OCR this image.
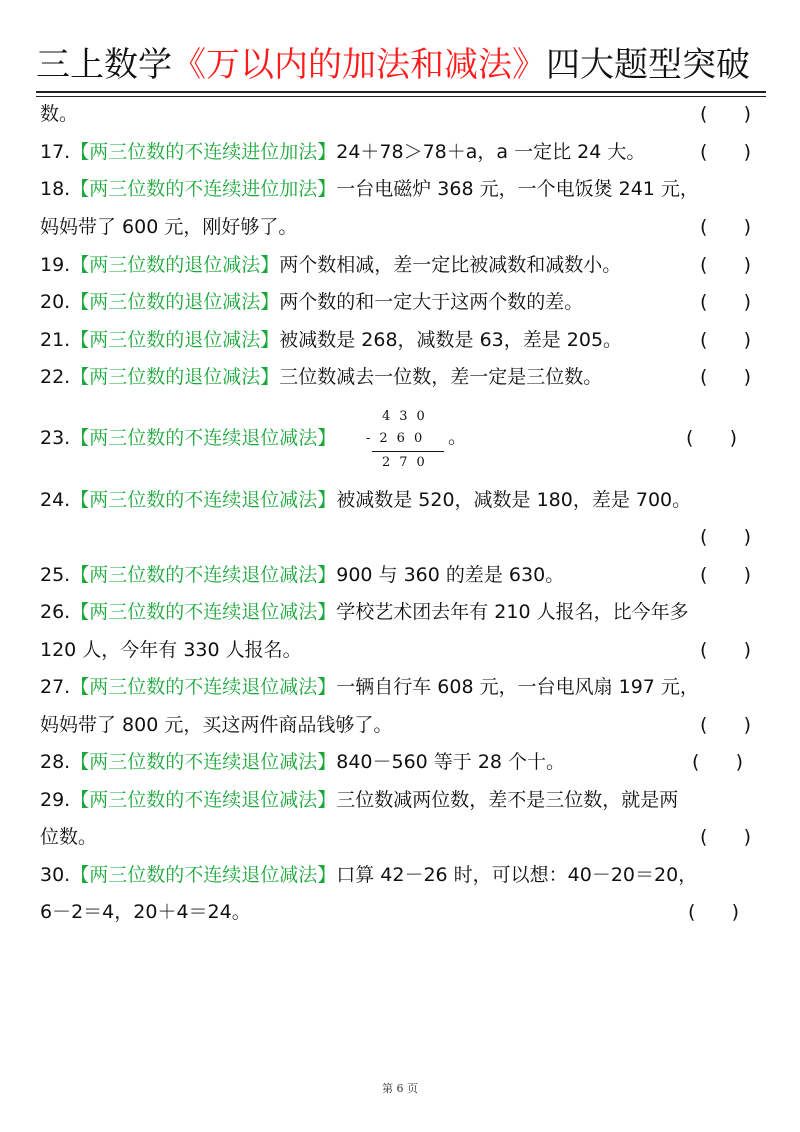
三上数学《万以内的加法和减法》四大题型突破
数。	(      )
17.【两三位数的不连续进位加法】24＋78＞78＋a，a 一定比 24 大。	(      )
18.【两三位数的不连续进位加法】一台电磁炉 368 元，一个电饭煲 241 元，
妈妈带了 600 元，刚好够了。	(      )
19.【两三位数的退位减法】两个数相减，差一定比被减数和减数小。	(      )
20.【两三位数的退位减法】两个数的和一定大于这两个数的差。	(      )
21.【两三位数的退位减法】被减数是 268，减数是 63，差是 205。	(      )
22.【两三位数的退位减法】三位数减去一位数，差一定是三位数。	(      )
23.【两三位数的不连续退位减法】
430
-260
270
。	(      )
24.【两三位数的不连续退位减法】被减数是 520，减数是 180，差是 700。
(      )
25.【两三位数的不连续退位减法】900 与 360 的差是 630。	(      )
26.【两三位数的不连续退位减法】学校艺术团去年有 210 人报名，比今年多
120 人，今年有 330 人报名。	(      )
27.【两三位数的不连续退位减法】一辆自行车 608 元，一台电风扇 197 元，
妈妈带了 800 元，买这两件商品钱够了。	(      )
28.【两三位数的不连续退位减法】840－560 等于 28 个十。	(      )
29.【两三位数的不连续退位减法】三位数减两位数，差不是三位数，就是两
位数。	(      )
30.【两三位数的不连续退位减法】口算 42－26 时，可以想：40－20＝20，
6－2＝4，20＋4＝24。	(      )
第 6 页
